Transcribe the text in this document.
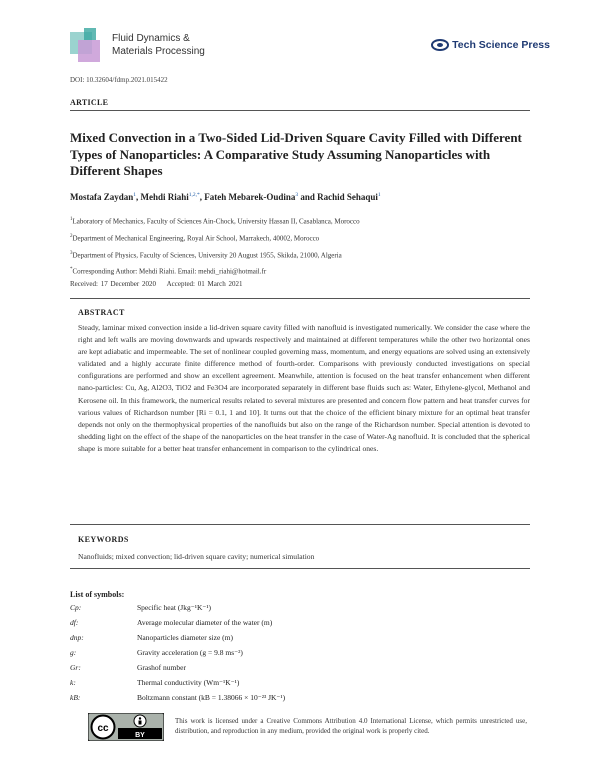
Fluid Dynamics &
Materials Processing
Tech Science Press
DOI: 10.32604/fdmp.2021.015422
ARTICLE
Mixed Convection in a Two-Sided Lid-Driven Square Cavity Filled with Different Types of Nanoparticles: A Comparative Study Assuming Nanoparticles with Different Shapes
Mostafa Zaydan$^1$, Mehdi Riahi$^{1,2,*}$, Fateh Mebarek-Oudina$^3$ and Rachid Sehaqui$^1$
$^1$Laboratory of Mechanics, Faculty of Sciences Ain-Chock, University Hassan II, Casablanca, Morocco
$^2$Department of Mechanical Engineering, Royal Air School, Marrakech, 40002, Morocco
$^3$Department of Physics, Faculty of Sciences, University 20 August 1955, Skikda, 21000, Algeria
*Corresponding Author: Mehdi Riahi. Email: mehdi_riahi@hotmail.fr
Received: 17 December 2020 Accepted: 01 March 2021
ABSTRACT
Steady, laminar mixed convection inside a lid-driven square cavity filled with nanofluid is investigated numerically. We consider the case where the right and left walls are moving downwards and upwards respectively and maintained at different temperatures while the other two horizontal ones are kept adiabatic and impermeable. The set of nonlinear coupled governing mass, momentum, and energy equations are solved using an extensively validated and a highly accurate finite difference method of fourth-order. Comparisons with previously conducted investigations on special configurations are performed and show an excellent agreement. Meanwhile, attention is focused on the heat transfer enhancement when different nano-particles: Cu, Ag, Al2O3, TiO2 and Fe3O4 are incorporated separately in different base fluids such as: Water, Ethylene-glycol, Methanol and Kerosene oil. In this framework, the numerical results related to several mixtures are presented and concern flow pattern and heat transfer curves for various values of Richardson number [Ri = 0.1, 1 and 10]. It turns out that the choice of the efficient binary mixture for an optimal heat transfer depends not only on the thermophysical properties of the nanofluids but also on the range of the Richardson number. Special attention is devoted to shedding light on the effect of the shape of the nanoparticles on the heat transfer in the case of Water-Ag nanofluid. It is concluded that the spherical shape is more suitable for a better heat transfer enhancement in comparison to the cylindrical ones.
KEYWORDS
Nanofluids; mixed convection; lid-driven square cavity; numerical simulation
List of symbols:
Cp:	Specific heat (Jkg⁻¹K⁻¹)
df:	Average molecular diameter of the water (m)
dnp:	Nanoparticles diameter size (m)
g:	Gravity acceleration (g = 9.8 ms⁻²)
Gr:	Grashof number
k:	Thermal conductivity (Wm⁻¹K⁻¹)
kB:	Boltzmann constant (kB = 1.38066 × 10⁻²³ JK⁻¹)
cc
BY
This work is licensed under a Creative Commons Attribution 4.0 International License, which permits unrestricted use, distribution, and reproduction in any medium, provided the original work is properly cited.
